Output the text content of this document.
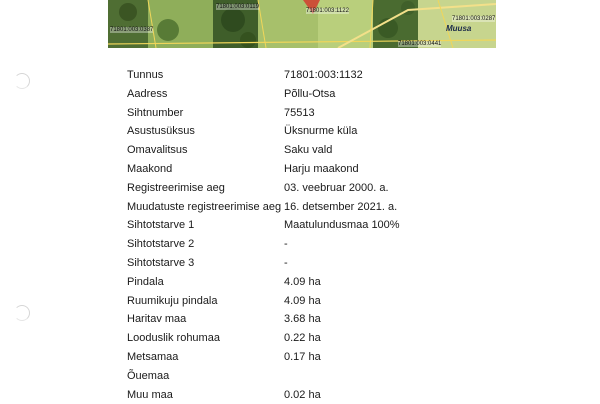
71801:003:0119
71801:003:1122
71801:003:0287
71801:003:0441
71801:003:0387	Muusa
Tunnus	71801:003:1132
Aadress	Põllu-Otsa
Sihtnumber	75513
Asustusüksus	Üksnurme küla
Omavalitsus	Saku vald
Maakond	Harju maakond
Registreerimise aeg	03. veebruar 2000. a.
Muudatuste registreerimise aeg 16. detsember 2021. a.
Sihtotstarve 1	Maatulundusmaa 100%
Sihtotstarve 2	-
Sihtotstarve 3	-
Pindala	4.09 ha
Ruumikuju pindala	4.09 ha
Haritav maa	3.68 ha
Looduslik rohumaa	0.22 ha
Metsamaa	0.17 ha
Õuemaa
Muu maa	0.02 ha
